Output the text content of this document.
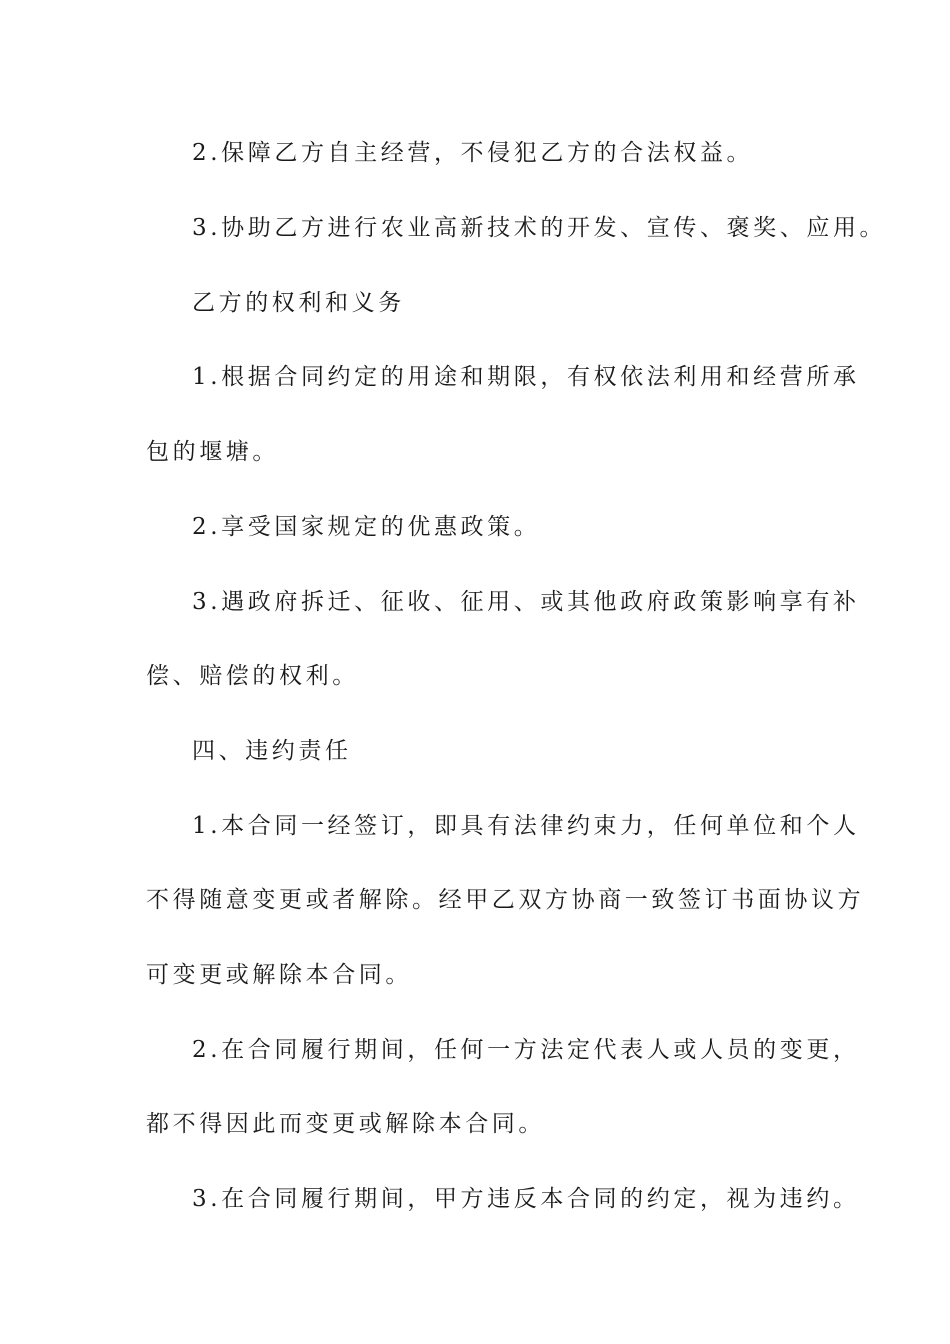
2.保障乙方自主经营，不侵犯乙方的合法权益。
3.协助乙方进行农业高新技术的开发、宣传、褒奖、应用。
乙方的权利和义务
1.根据合同约定的用途和期限，有权依法利用和经营所承
包的堰塘。
2.享受国家规定的优惠政策。
3.遇政府拆迁、征收、征用、或其他政府政策影响享有补
偿、赔偿的权利。
四、违约责任
1.本合同一经签订，即具有法律约束力，任何单位和个人
不得随意变更或者解除。经甲乙双方协商一致签订书面协议方
可变更或解除本合同。
2.在合同履行期间，任何一方法定代表人或人员的变更，
都不得因此而变更或解除本合同。
3.在合同履行期间，甲方违反本合同的约定，视为违约。
